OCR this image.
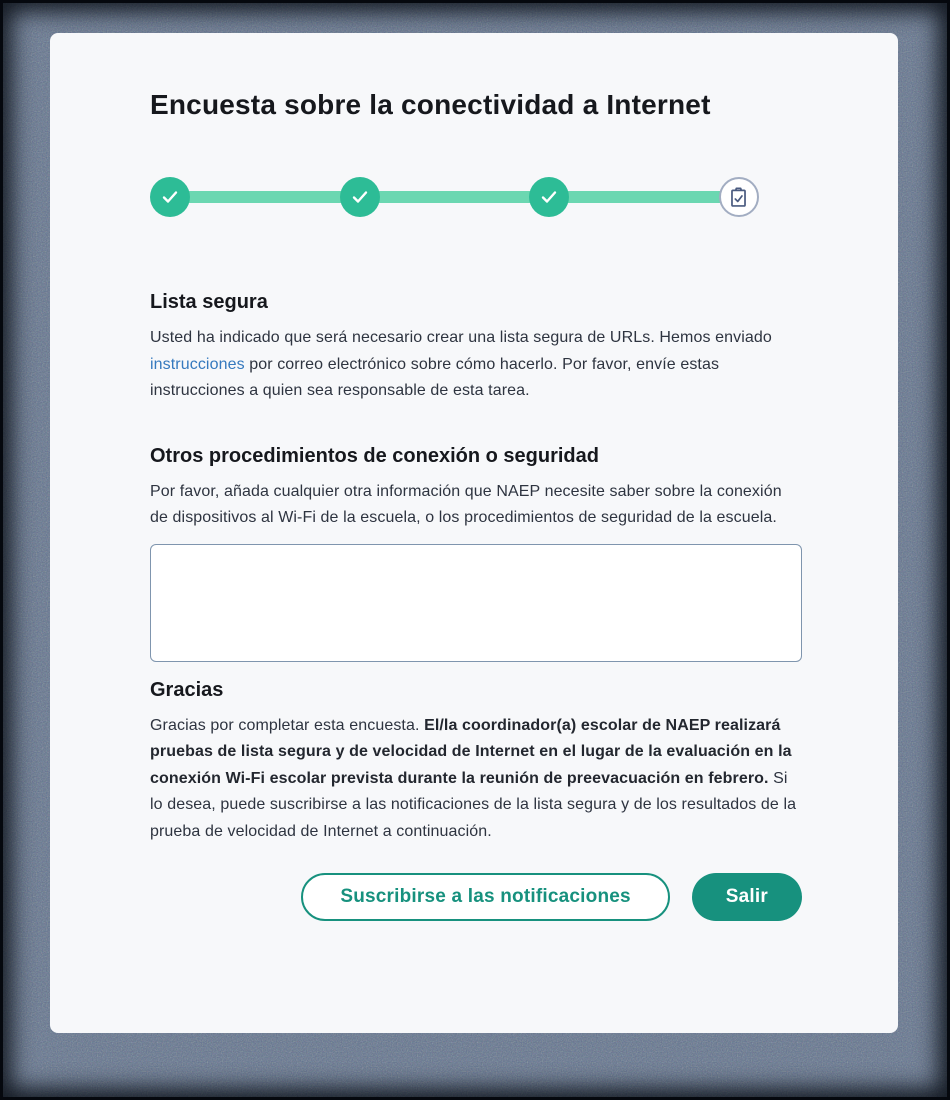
Encuesta sobre la conectividad a Internet
Lista segura

Usted ha indicado que será necesario crear una lista segura de URLs. Hemos enviado instrucciones por correo electrónico sobre cómo hacerlo. Por favor, envíe estas instrucciones a quien sea responsable de esta tarea.

Otros procedimientos de conexión o seguridad

Por favor, añada cualquier otra información que NAEP necesite saber sobre la conexión de dispositivos al Wi-Fi de la escuela, o los procedimientos de seguridad de la escuela.

Gracias

Gracias por completar esta encuesta. El/la coordinador(a) escolar de NAEP realizará pruebas de lista segura y de velocidad de Internet en el lugar de la evaluación en la conexión Wi-Fi escolar prevista durante la reunión de preevacuación en febrero. Si lo desea, puede suscribirse a las notificaciones de la lista segura y de los resultados de la prueba de velocidad de Internet a continuación.

Suscribirse a las notificaciones	Salir
